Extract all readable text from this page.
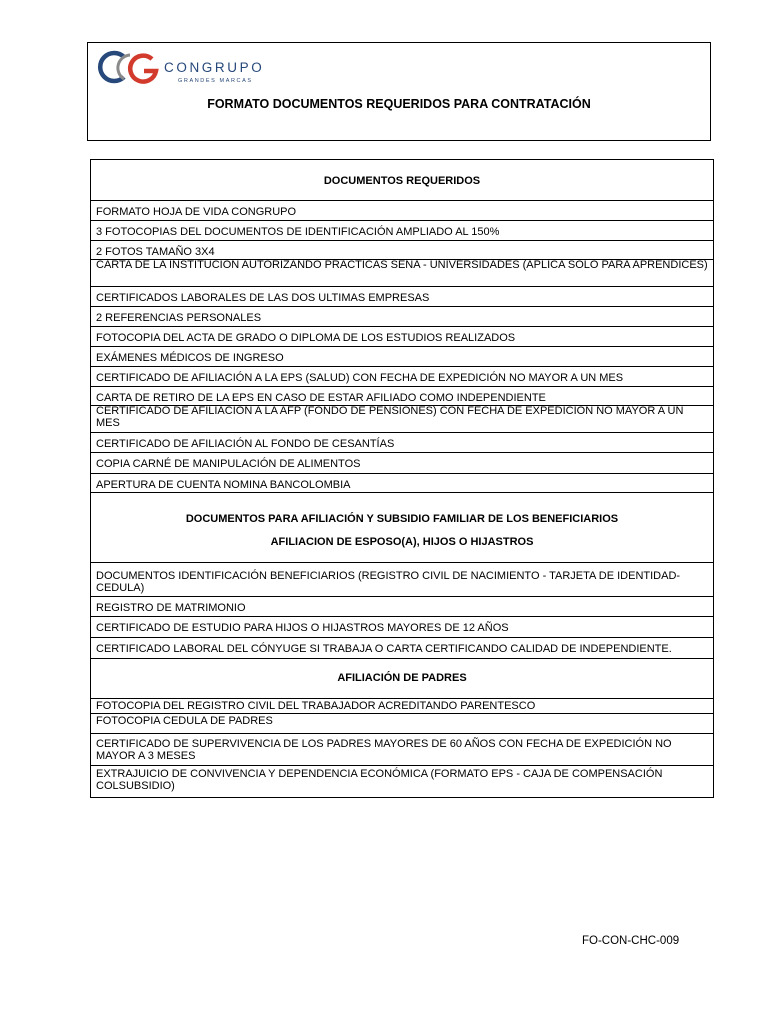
CONGRUPO
GRANDES MARCAS
FORMATO DOCUMENTOS REQUERIDOS PARA CONTRATACIÓN
DOCUMENTOS REQUERIDOS
FORMATO HOJA DE VIDA CONGRUPO
3 FOTOCOPIAS DEL DOCUMENTOS DE IDENTIFICACIÓN AMPLIADO AL 150%
2 FOTOS TAMAÑO 3X4
CARTA DE LA INSTITUCION AUTORIZANDO PRACTICAS SENA - UNIVERSIDADES (APLICA SOLO PARA APRENDICES)
CERTIFICADOS LABORALES DE LAS DOS ULTIMAS EMPRESAS
2 REFERENCIAS PERSONALES
FOTOCOPIA DEL ACTA DE GRADO O DIPLOMA DE LOS ESTUDIOS REALIZADOS
EXÁMENES MÉDICOS DE INGRESO
CERTIFICADO DE AFILIACIÓN A LA EPS (SALUD) CON FECHA DE EXPEDICIÓN NO MAYOR A UN MES
CARTA DE RETIRO DE LA EPS EN CASO DE ESTAR AFILIADO COMO INDEPENDIENTE
CERTIFICADO DE AFILIACION A LA AFP (FONDO DE PENSIONES) CON FECHA DE EXPEDICION NO MAYOR A UN MES
CERTIFICADO DE AFILIACIÓN AL FONDO DE CESANTÍAS
COPIA CARNÉ DE MANIPULACIÓN DE ALIMENTOS
APERTURA DE CUENTA NOMINA BANCOLOMBIA
DOCUMENTOS PARA AFILIACIÓN Y SUBSIDIO FAMILIAR DE LOS BENEFICIARIOS
AFILIACION DE ESPOSO(A), HIJOS O HIJASTROS
DOCUMENTOS IDENTIFICACIÓN BENEFICIARIOS (REGISTRO CIVIL DE NACIMIENTO - TARJETA DE IDENTIDAD- CEDULA)
REGISTRO DE MATRIMONIO
CERTIFICADO DE ESTUDIO PARA HIJOS O HIJASTROS MAYORES DE 12 AÑOS
CERTIFICADO LABORAL DEL CÓNYUGE SI TRABAJA O CARTA CERTIFICANDO CALIDAD DE INDEPENDIENTE.
AFILIACIÓN DE PADRES
FOTOCOPIA DEL REGISTRO CIVIL DEL TRABAJADOR ACREDITANDO PARENTESCO
FOTOCOPIA CEDULA DE PADRES
CERTIFICADO DE SUPERVIVENCIA DE LOS PADRES MAYORES DE 60 AÑOS CON FECHA DE EXPEDICIÓN NO MAYOR A 3 MESES
EXTRAJUICIO DE CONVIVENCIA Y DEPENDENCIA ECONÓMICA (FORMATO EPS - CAJA DE COMPENSACIÓN COLSUBSIDIO)
FO-CON-CHC-009
